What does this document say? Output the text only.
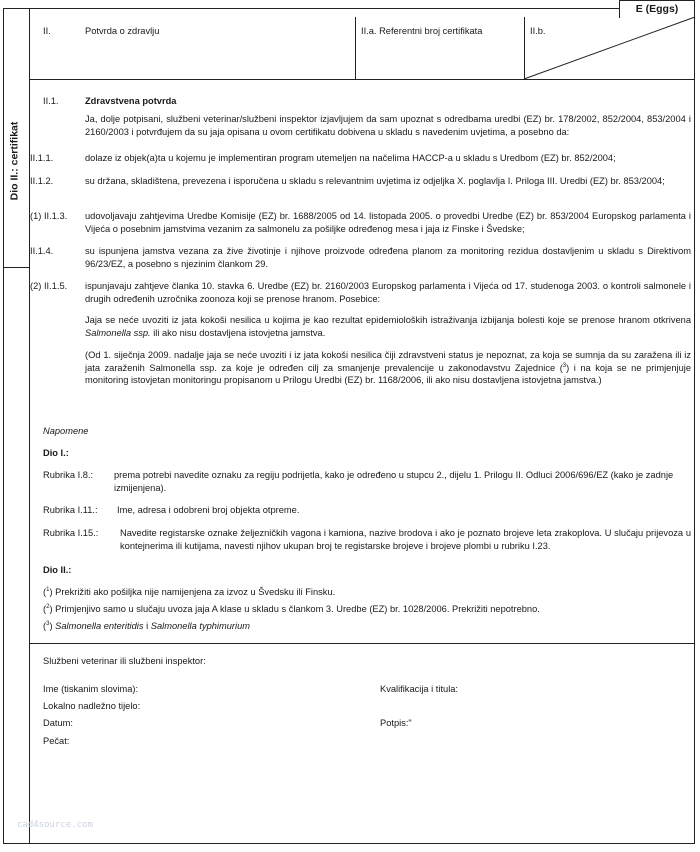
E (Eggs)
Dio II.: certifikat
II.	Potvrda o zdravlju	II.a. Referentni broj certifikata	II.b.
II.1.	Zdravstvena potvrda
Ja, dolje potpisani, službeni veterinar/službeni inspektor izjavljujem da sam upoznat s odredbama uredbi (EZ) br. 178/2002, 852/2004, 853/2004 i 2160/2003 i potvrđujem da su jaja opisana u ovom certifikatu dobivena u skladu s navedenim uvjetima, a posebno da:
II.1.1.	dolaze iz objek(a)ta u kojemu je implementiran program utemeljen na načelima HACCP-a u skladu s Uredbom (EZ) br. 852/2004;
II.1.2.	su držana, skladištena, prevezena i isporučena u skladu s relevantnim uvjetima iz odjeljka X. poglavlja I. Priloga III. Uredbi (EZ) br. 853/2004;
(1) II.1.3. udovoljavaju zahtjevima Uredbe Komisije (EZ) br. 1688/2005 od 14. listopada 2005. o provedbi Uredbe (EZ) br. 853/2004 Europskog parlamenta i Vijeća o posebnim jamstvima vezanim za salmonelu za pošiljke određenog mesa i jaja iz Finske i Švedske;
II.1.4.	su ispunjena jamstva vezana za žive životinje i njihove proizvode određena planom za monitoring rezidua dostavljenim u skladu s Direktivom 96/23/EZ, a posebno s njezinim člankom 29.
(2) II.1.5. ispunjavaju zahtjeve članka 10. stavka 6. Uredbe (EZ) br. 2160/2003 Europskog parlamenta i Vijeća od 17. studenoga 2003. o kontroli salmonele i drugih određenih uzročnika zoonoza koji se prenose hranom. Posebice:
Jaja se neće uvoziti iz jata kokoši nesilica u kojima je kao rezultat epidemioloških istraživanja izbijanja bolesti koje se prenose hranom otkrivena Salmonella ssp. ili ako nisu dostavljena istovjetna jamstva.
(Od 1. siječnja 2009. nadalje jaja se neće uvoziti i iz jata kokoši nesilica čiji zdravstveni status je nepoznat, za koja se sumnja da su zaražena ili iz jata zaraženih Salmonella ssp. za koje je određen cilj za smanjenje prevalencije u zakonodavstvu Zajednice ($^3$) i na koja se ne primjenjuje monitoring istovjetan monitoringu propisanom u Prilogu Uredbi (EZ) br. 1168/2006, ili ako nisu dostavljena istovjetna jamstva.)
Napomene
Dio I.:
Rubrika I.8.: prema potrebi navedite oznaku za regiju podrijetla, kako je određeno u stupcu 2., dijelu 1. Prilogu II. Odluci 2006/696/EZ (kako je zadnje izmijenjena).
Rubrika I.11.: Ime, adresa i odobreni broj objekta otpreme.
Rubrika I.15.: Navedite registarske oznake željezničkih vagona i kamiona, nazive brodova i ako je poznato brojeve leta zrakoplova. U slučaju prijevoza u kontejnerima ili kutijama, navesti njihov ukupan broj te registarske brojeve i brojeve plombi u rubriku I.23.
Dio II.:
($^1$) Prekrižiti ako pošiljka nije namijenjena za izvoz u Švedsku ili Finsku.
($^2$) Primjenjivo samo u slučaju uvoza jaja A klase u skladu s člankom 3. Uredbe (EZ) br. 1028/2006. Prekrižiti nepotrebno.
($^3$) Salmonella enteritidis i Salmonella typhimurium
Službeni veterinar ili službeni inspektor:
Ime (tiskanim slovima):	Kvalifikacija i titula:
Lokalno nadležno tijelo:
Datum:	Potpis:"
Pečat:
cad4source.com
